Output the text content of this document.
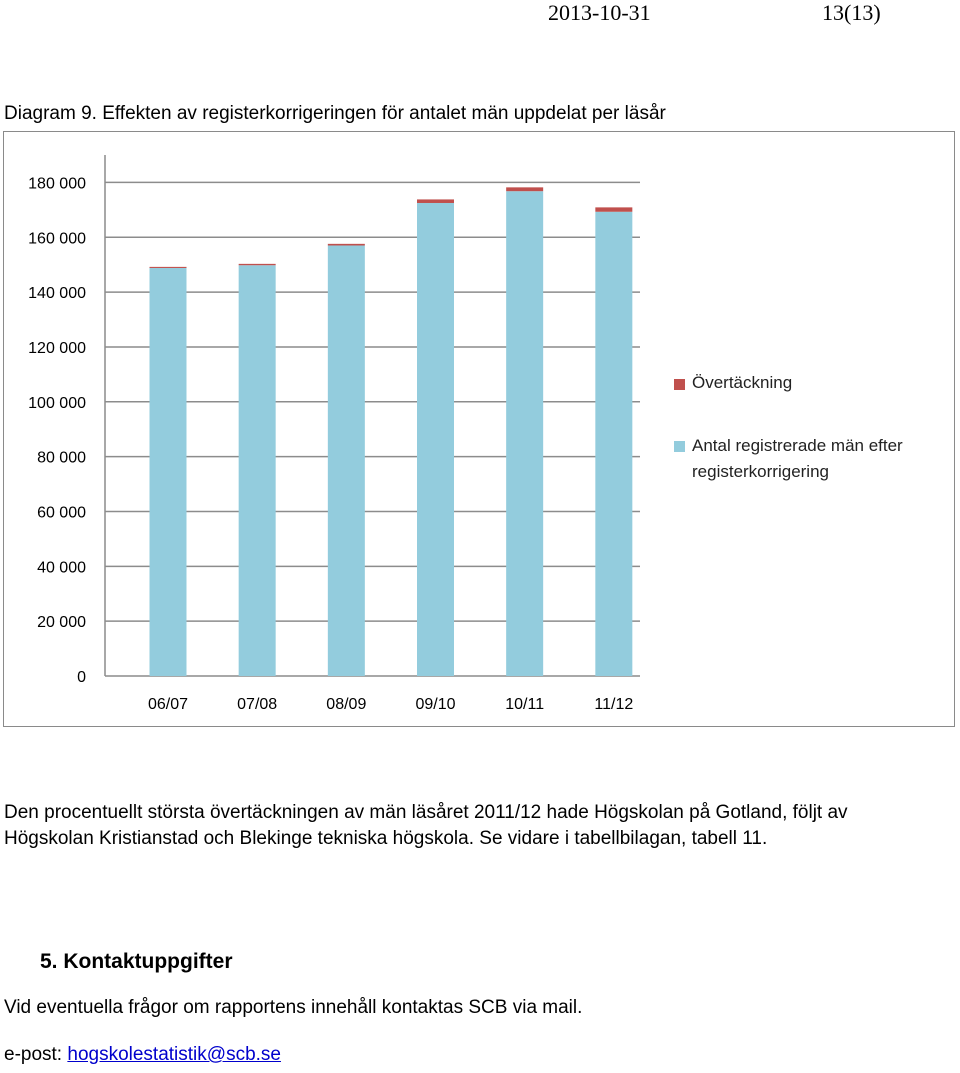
2013-10-31	13(13)
Diagram 9. Effekten av registerkorrigeringen för antalet män uppdelat per läsår
0
20 000
40 000
60 000
80 000
100 000
120 000
140 000
160 000
180 000
06/07	07/08	08/09	09/10	10/11	11/12
Övertäckning
Antal registrerade män efter registerkorrigering
Den procentuellt största övertäckningen av män läsåret 2011/12 hade Högskolan på Gotland, följt av
Högskolan Kristianstad och Blekinge tekniska högskola. Se vidare i tabellbilagan, tabell 11.
5. Kontaktuppgifter
Vid eventuella frågor om rapportens innehåll kontaktas SCB via mail.
e-post: hogskolestatistik@scb.se
